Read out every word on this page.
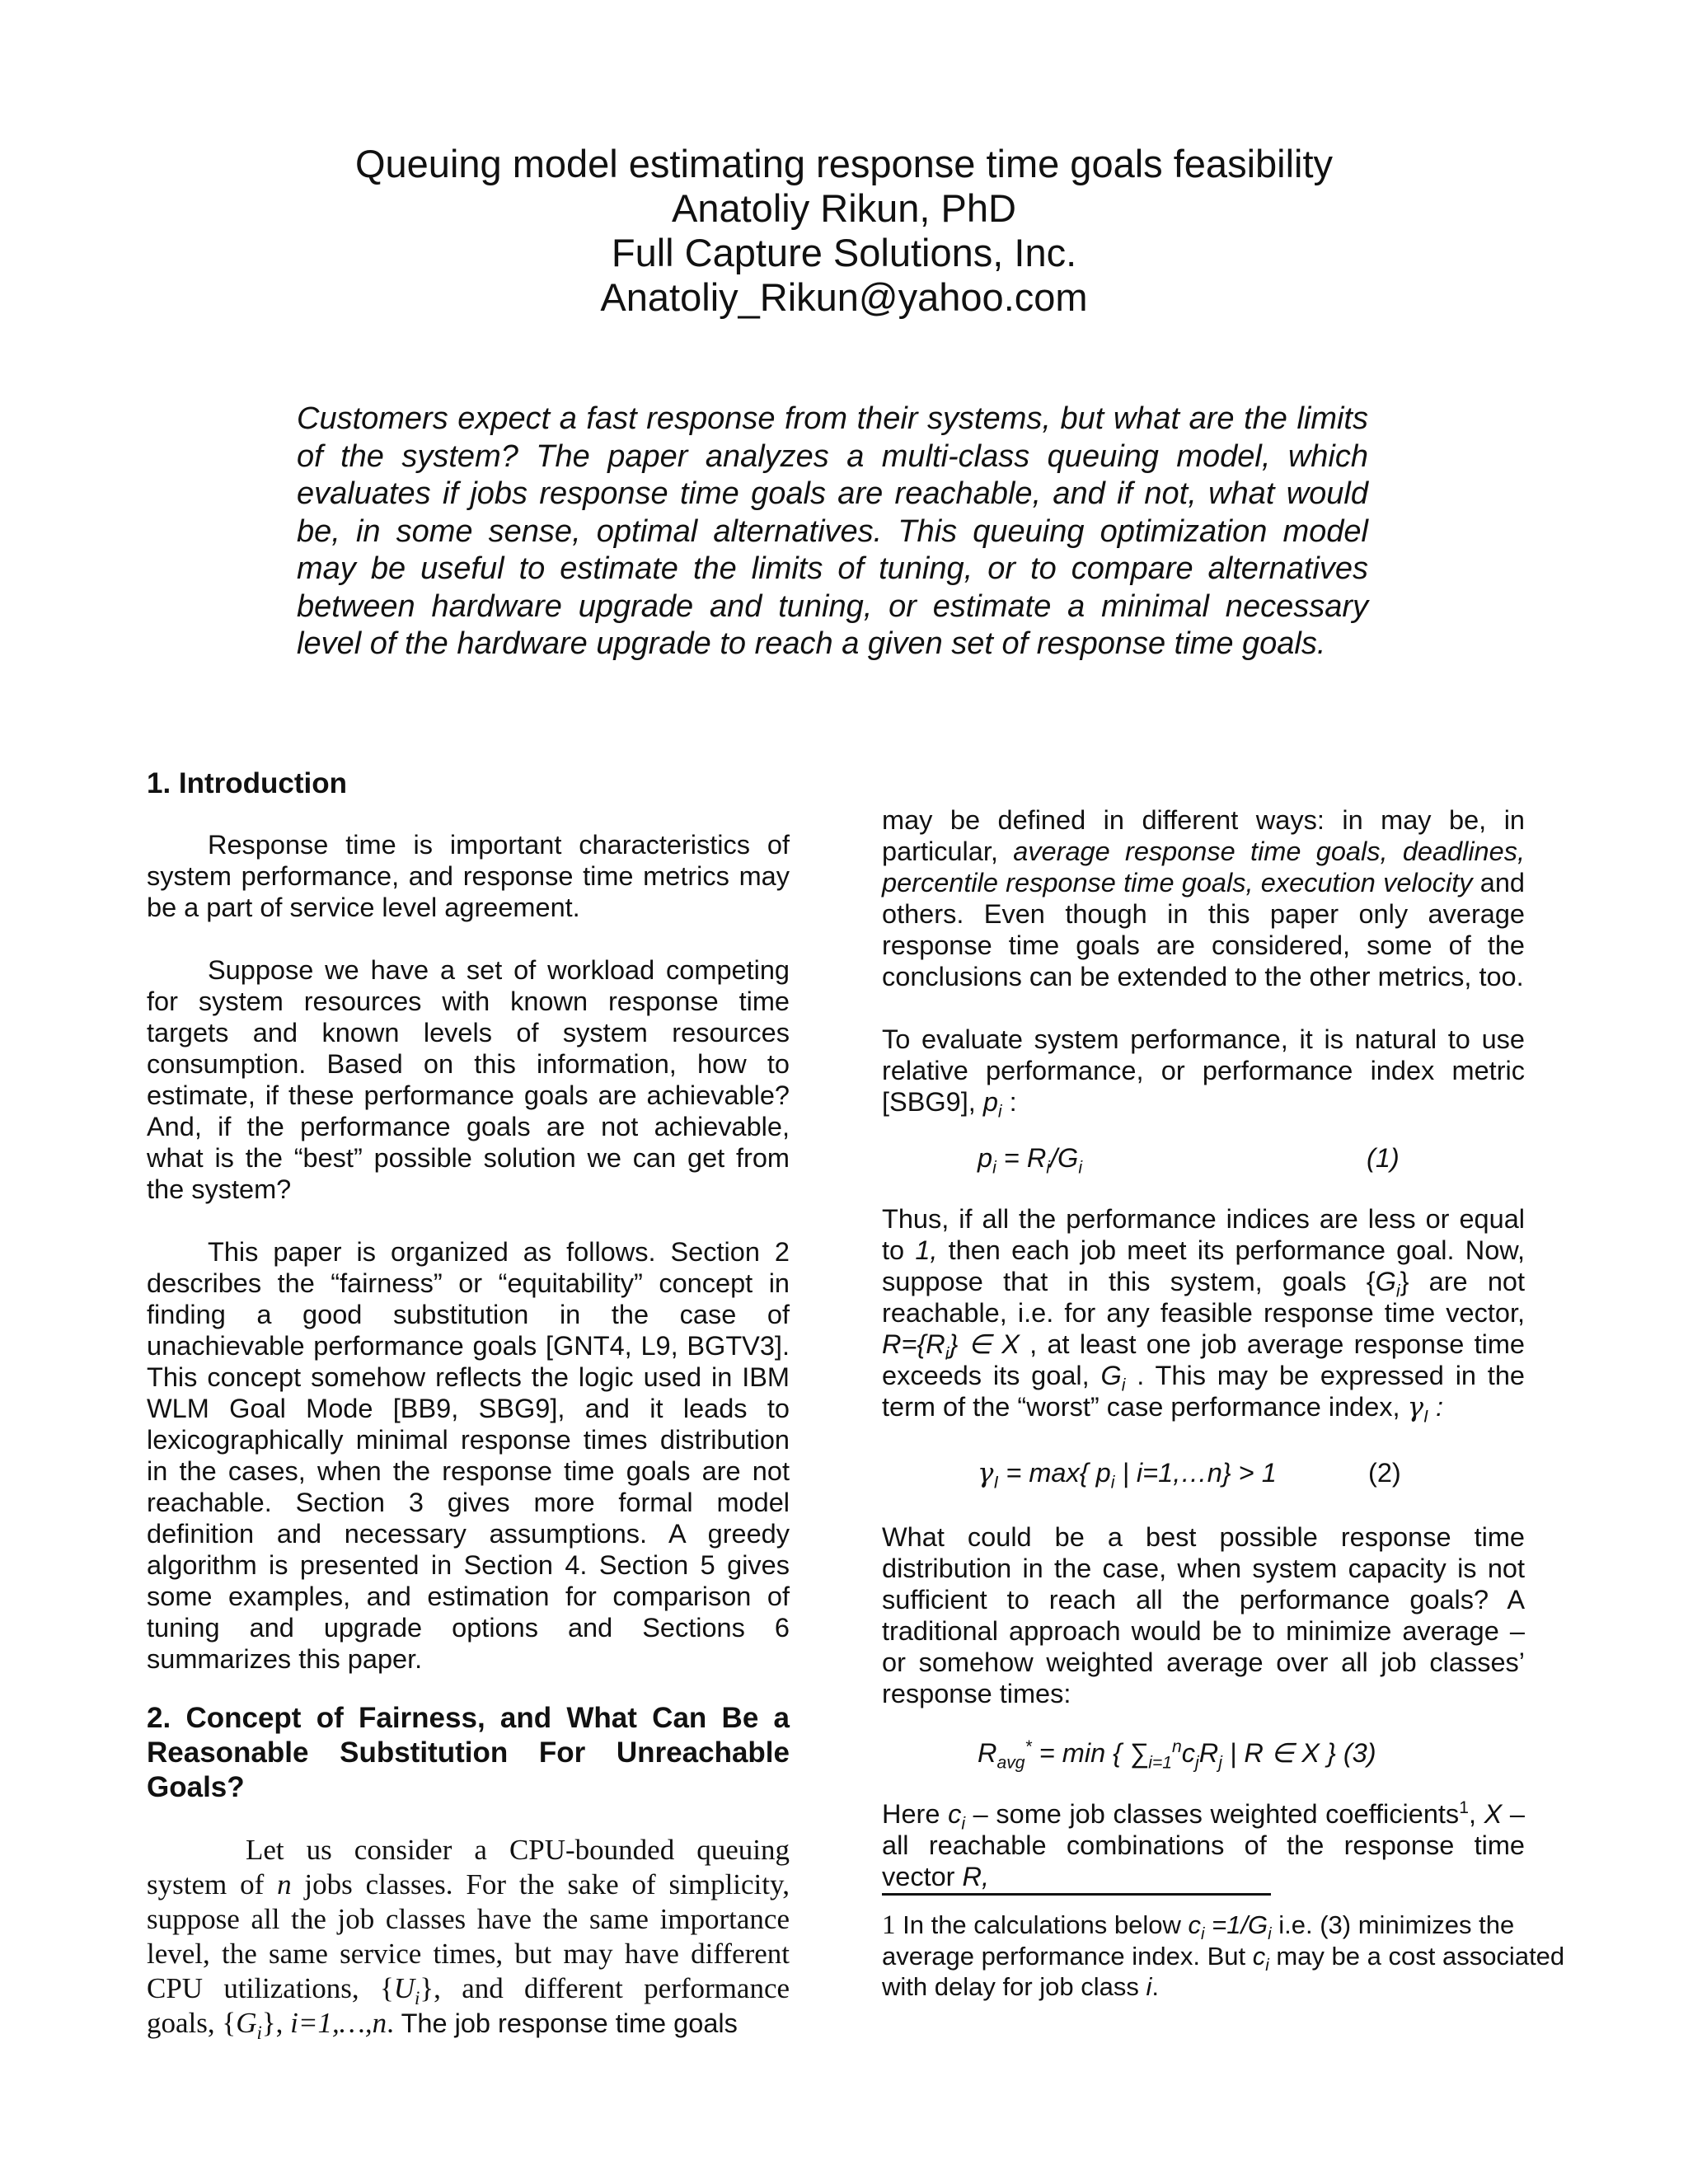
Queuing model estimating response time goals feasibility
Anatoliy Rikun, PhD
Full Capture Solutions, Inc.
Anatoliy_Rikun@yahoo.com
Customers expect a fast response from their systems, but what are the limits of the system? The paper analyzes a multi-class queuing model, which evaluates if jobs response time goals are reachable, and if not, what would be, in some sense, optimal alternatives. This queuing optimization model may be useful to estimate the limits of tuning, or to compare alternatives between hardware upgrade and tuning, or estimate a minimal necessary level of the hardware upgrade to reach a given set of response time goals.
1. Introduction

Response time is important characteristics of system performance, and response time metrics may be a part of service level agreement.

Suppose we have a set of workload competing for system resources with known response time targets and known levels of system resources consumption. Based on this information, how to estimate, if these performance goals are achievable? And, if the performance goals are not achievable, what is the “best” possible solution we can get from the system?

This paper is organized as follows. Section 2 describes the “fairness” or “equitability” concept in finding a good substitution in the case of unachievable performance goals [GNT4, L9, BGTV3]. This concept somehow reflects the logic used in IBM WLM Goal Mode [BB9, SBG9], and it leads to lexicographically minimal response times distribution in the cases, when the response time goals are not reachable. Section 3 gives more formal model definition and necessary assumptions. A greedy algorithm is presented in Section 4. Section 5 gives some examples, and estimation for comparison of tuning and upgrade options and Sections 6 summarizes this paper.

2. Concept of Fairness, and What Can Be a Reasonable Substitution For Unreachable Goals?

Let us consider a CPU-bounded queuing system of n jobs classes. For the sake of simplicity, suppose all the job classes have the same importance level, the same service times, but may have different CPU utilizations, $\{U_i\}$, and different performance goals, $\{G_i\}$, i=1,…,n. The job response time goals

may be defined in different ways: in may be, in particular, average response time goals, deadlines, percentile response time goals, execution velocity and others. Even though in this paper only average response time goals are considered, some of the conclusions can be extended to the other metrics, too.

To evaluate system performance, it is natural to use relative performance, or performance index metric [SBG9], $p_i$ :

$p_i = R_i/G_i$	(1)

Thus, if all the performance indices are less or equal to 1, then each job meet its performance goal. Now, suppose that in this system, goals $\{G_i\}$ are not reachable, i.e. for any feasible response time vector, $R=\{R_i\}$ ∈ X , at least one job average response time exceeds its goal, $G_i$ . This may be expressed in the term of the “worst” case performance index, $\gamma_I$ :

$\gamma_I = \max${ $p_i$ | i=1,…n} > 1	(2)

What could be a best possible response time distribution in the case, when system capacity is not sufficient to reach all the performance goals? A traditional approach would be to minimize average – or somehow weighted average over all job classes’ response times:

$R_{avg}^* = \min$ { $\sum_{i=1}^nc_jR_j$ | R ∈ X } (3)

Here $c_i$ – some job classes weighted coefficients$^1$, X – all reachable combinations of the response time vector R,

1 In the calculations below $c_i =1/G_i$ i.e. (3) minimizes the average performance index. But $c_i$ may be a cost associated with delay for job class i.
